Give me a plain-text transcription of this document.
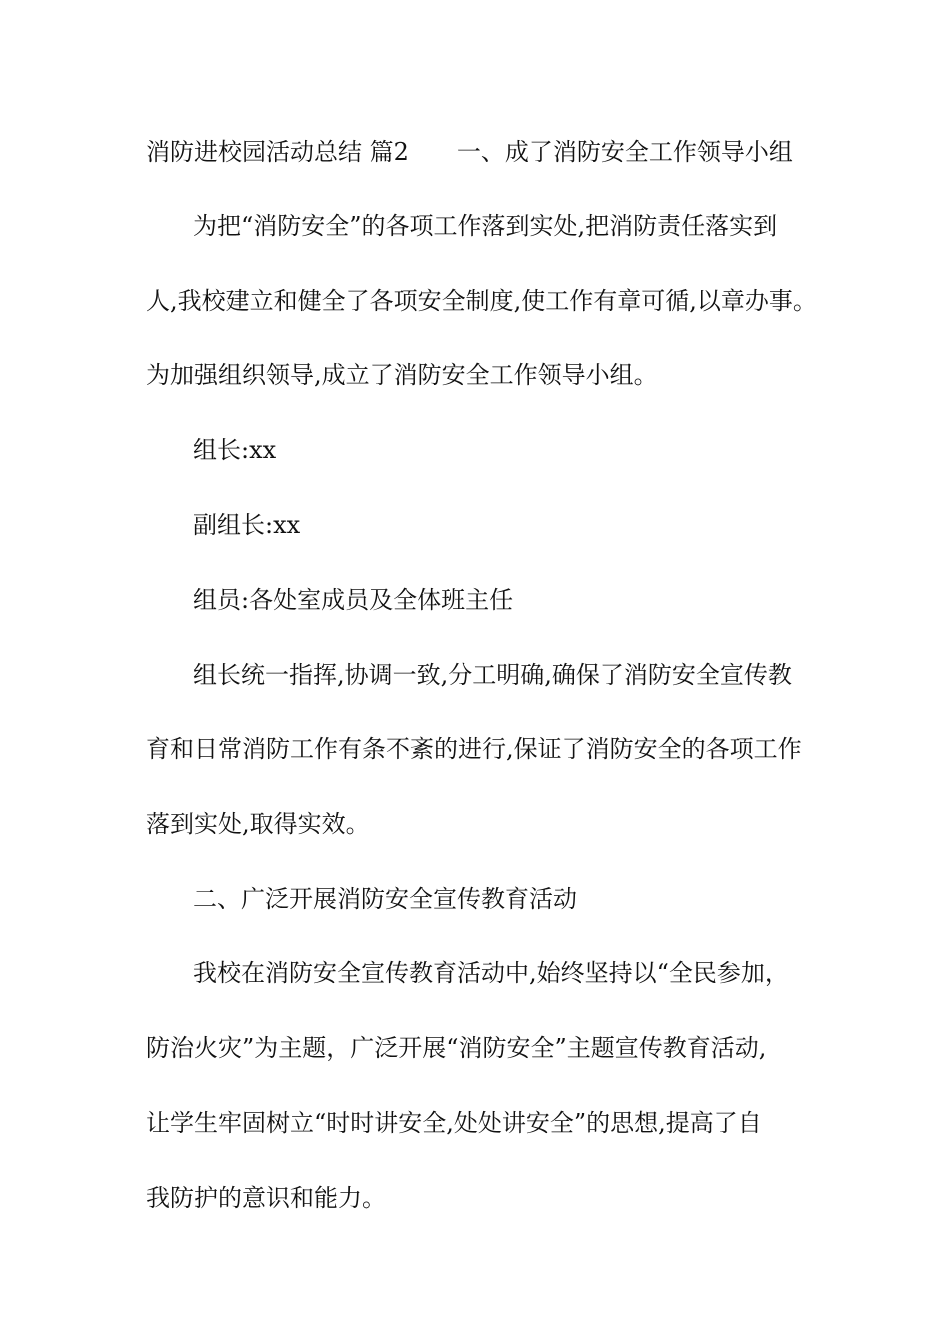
消防进校园活动总结 篇2　　一、成了消防安全工作领导小组
为把“消防安全”的各项工作落到实处,把消防责任落实到
人,我校建立和健全了各项安全制度,使工作有章可循,以章办事。
为加强组织领导,成立了消防安全工作领导小组。
组长:xx
副组长:xx
组员:各处室成员及全体班主任
组长统一指挥,协调一致,分工明确,确保了消防安全宣传教
育和日常消防工作有条不紊的进行,保证了消防安全的各项工作
落到实处,取得实效。
二、广泛开展消防安全宣传教育活动
我校在消防安全宣传教育活动中,始终坚持以“全民参加，
防治火灾”为主题，广泛开展“消防安全”主题宣传教育活动,
让学生牢固树立“时时讲安全,处处讲安全”的思想,提高了自
我防护的意识和能力。
